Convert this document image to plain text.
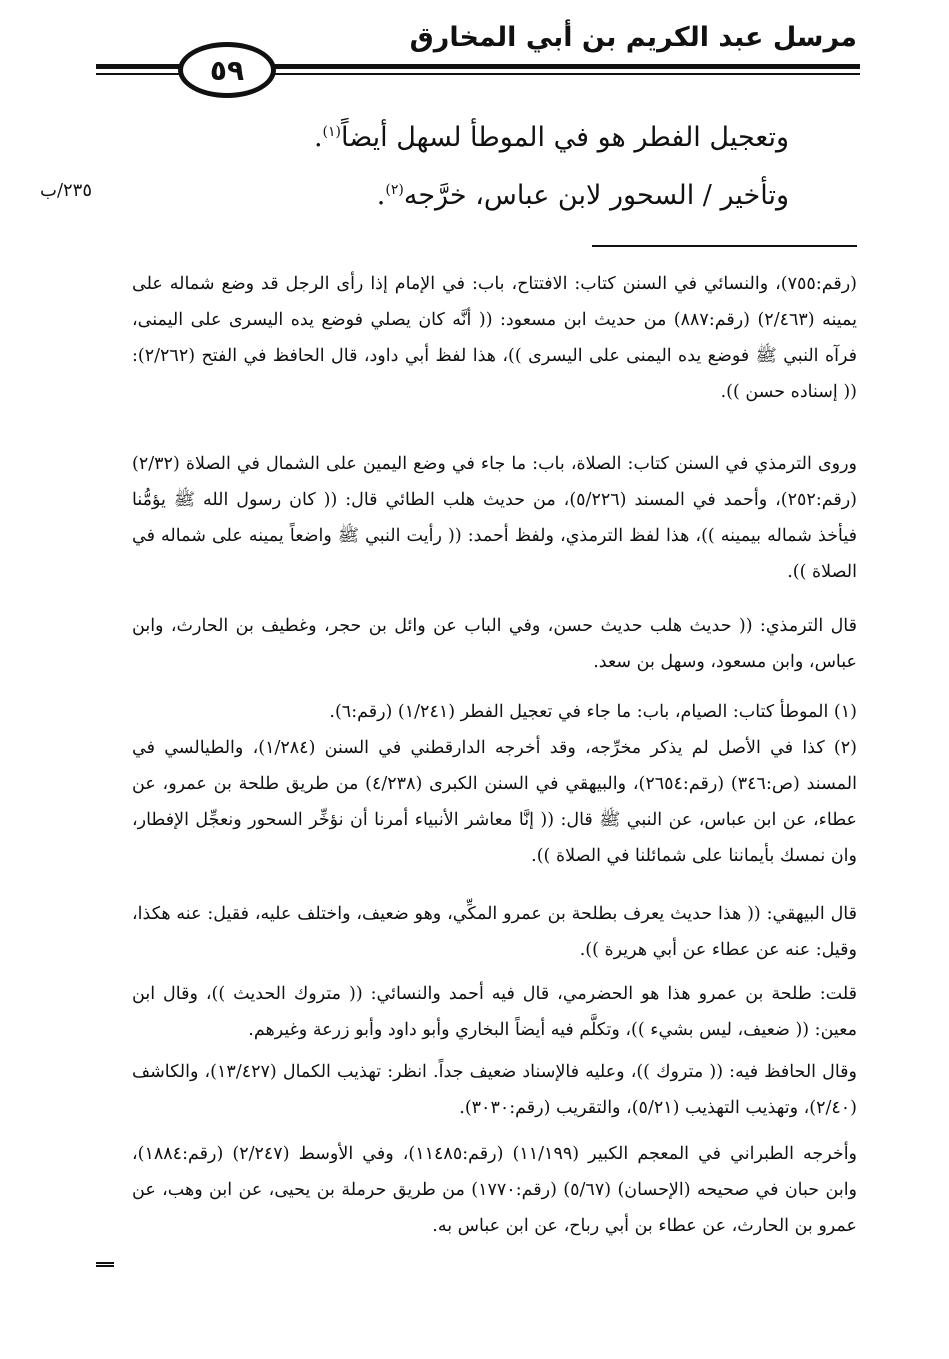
مرسل عبد الكريم بن أبي المخارق
٥٩
وتعجيل الفطر هو في الموطأ لسهل أيضاً$^{(١)}$.
وتأخير / السحور لابن عباس، خرَّجه$^{(٢)}$.
٢٣٥/ب
(رقم:٧٥٥)، والنسائي في السنن كتاب: الافتتاح، باب: في الإمام إذا رأى الرجل قد وضع شماله على يمينه (٢/٤٦٣) (رقم:٨٨٧) من حديث ابن مسعود: (( أنَّه كان يصلي فوضع يده اليسرى على اليمنى، فرآه النبي ﷺ فوضع يده اليمنى على اليسرى ))، هذا لفظ أبي داود، قال الحافظ في الفتح (٢/٢٦٢): (( إسناده حسن )).
وروى الترمذي في السنن كتاب: الصلاة، باب: ما جاء في وضع اليمين على الشمال في الصلاة (٢/٣٢) (رقم:٢٥٢)، وأحمد في المسند (٥/٢٢٦)، من حديث هلب الطائي قال: (( كان رسول الله ﷺ يؤمُّنا فيأخذ شماله بيمينه ))، هذا لفظ الترمذي، ولفظ أحمد: (( رأيت النبي ﷺ واضعاً يمينه على شماله في الصلاة )).
قال الترمذي: (( حديث هلب حديث حسن، وفي الباب عن وائل بن حجر، وغطيف بن الحارث، وابن عباس، وابن مسعود، وسهل بن سعد.
(١) الموطأ كتاب: الصيام، باب: ما جاء في تعجيل الفطر (١/٢٤١) (رقم:٦).
(٢) كذا في الأصل لم يذكر مخرِّجه، وقد أخرجه الدارقطني في السنن (١/٢٨٤)، والطيالسي في المسند (ص:٣٤٦) (رقم:٢٦٥٤)، والبيهقي في السنن الكبرى (٤/٢٣٨) من طريق طلحة بن عمرو، عن عطاء، عن ابن عباس، عن النبي ﷺ قال: (( إنَّا معاشر الأنبياء أمرنا أن نؤخِّر السحور ونعجِّل الإفطار، وان نمسك بأيماننا على شمائلنا في الصلاة )).
قال البيهقي: (( هذا حديث يعرف بطلحة بن عمرو المكِّي، وهو ضعيف، واختلف عليه، فقيل: عنه هكذا، وقيل: عنه عن عطاء عن أبي هريرة )).
قلت: طلحة بن عمرو هذا هو الحضرمي، قال فيه أحمد والنسائي: (( متروك الحديث ))، وقال ابن معين: (( ضعيف، ليس بشيء ))، وتكلَّم فيه أيضاً البخاري وأبو داود وأبو زرعة وغيرهم.
وقال الحافظ فيه: (( متروك ))، وعليه فالإسناد ضعيف جداً. انظر: تهذيب الكمال (١٣/٤٢٧)، والكاشف (٢/٤٠)، وتهذيب التهذيب (٥/٢١)، والتقريب (رقم:٣٠٣٠).
وأخرجه الطبراني في المعجم الكبير (١١/١٩٩) (رقم:١١٤٨٥)، وفي الأوسط (٢/٢٤٧) (رقم:١٨٨٤)، وابن حبان في صحيحه (الإحسان) (٥/٦٧) (رقم:١٧٧٠) من طريق حرملة بن يحيى، عن ابن وهب، عن عمرو بن الحارث، عن عطاء بن أبي رباح، عن ابن عباس به.
